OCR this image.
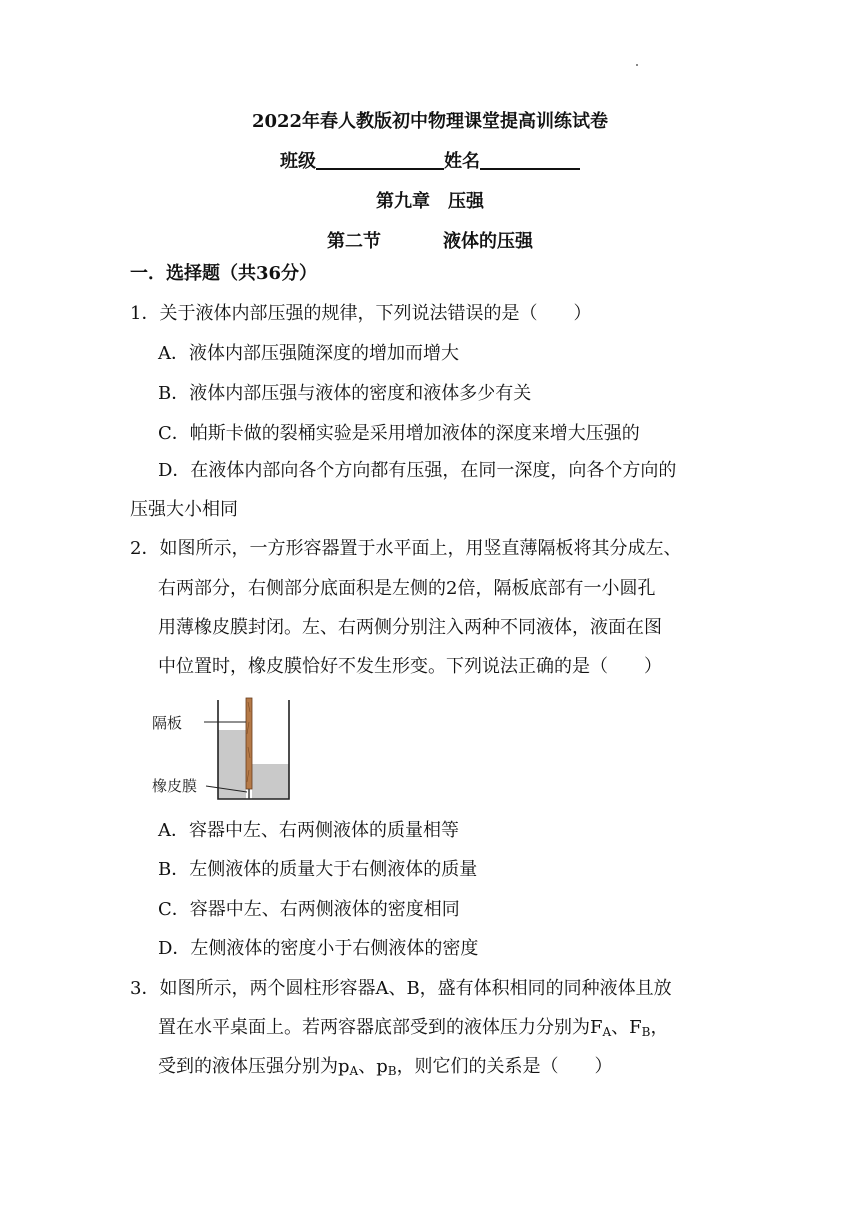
2022年春人教版初中物理课堂提高训练试卷
班级	姓名
第九章　压强
第二节	液体的压强
一．选择题（共36分）
1．关于液体内部压强的规律，下列说法错误的是（　　）
A．液体内部压强随深度的增加而增大
B．液体内部压强与液体的密度和液体多少有关
C．帕斯卡做的裂桶实验是采用增加液体的深度来增大压强的
D．在液体内部向各个方向都有压强，在同一深度，向各个方向的
压强大小相同
2．如图所示，一方形容器置于水平面上，用竖直薄隔板将其分成左、
右两部分，右侧部分底面积是左侧的2倍，隔板底部有一小圆孔
用薄橡皮膜封闭。左、右两侧分别注入两种不同液体，液面在图
中位置时，橡皮膜恰好不发生形变。下列说法正确的是（　　）
隔板
橡皮膜
A．容器中左、右两侧液体的质量相等
B．左侧液体的质量大于右侧液体的质量
C．容器中左、右两侧液体的密度相同
D．左侧液体的密度小于右侧液体的密度
3．如图所示，两个圆柱形容器A、B，盛有体积相同的同种液体且放
置在水平桌面上。若两容器底部受到的液体压力分别为$F_A$、$F_B$，
受到的液体压强分别为$p_A$、$p_B$，则它们的关系是（　　）
